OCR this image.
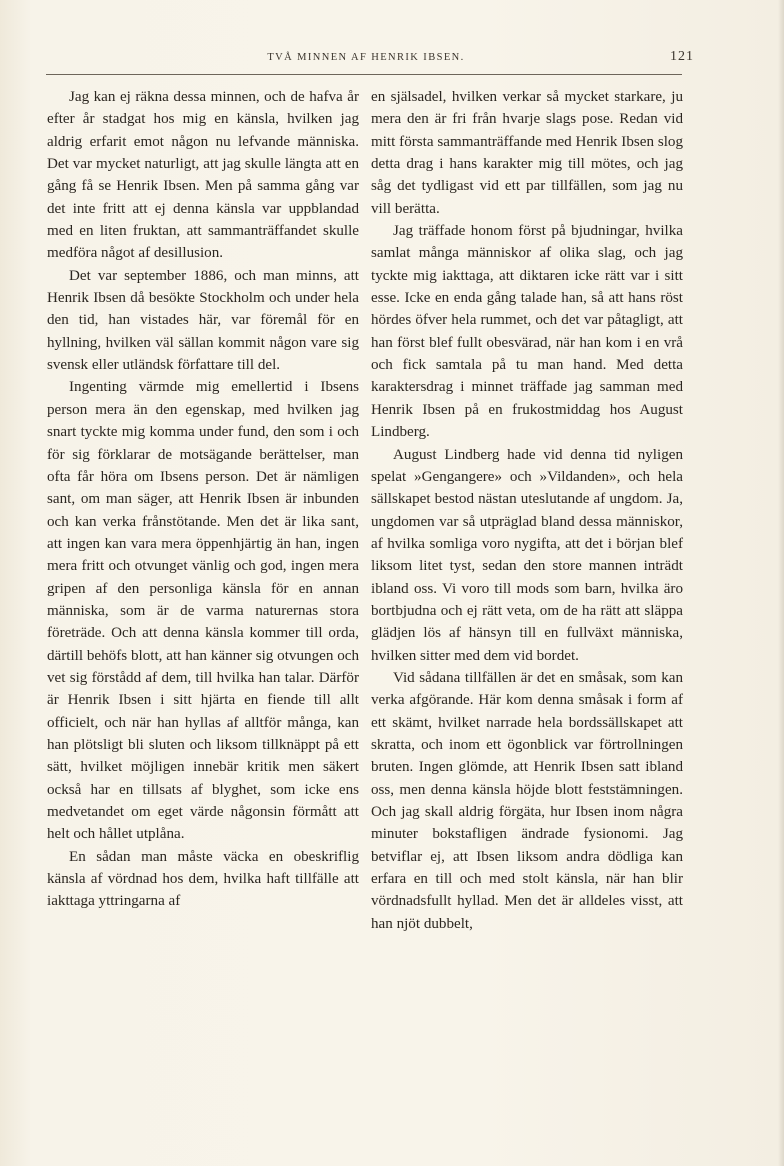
TVÅ MINNEN AF HENRIK IBSEN.	121

Jag kan ej räkna dessa minnen, och de hafva år efter år stadgat hos mig en känsla, hvilken jag aldrig erfarit emot någon nu lefvande människa. Det var mycket naturligt, att jag skulle längta att en gång få se Henrik Ibsen. Men på samma gång var det inte fritt att ej denna känsla var uppblandad med en liten fruktan, att sammanträffandet skulle medföra något af desillusion.

Det var september 1886, och man minns, att Henrik Ibsen då besökte Stockholm och under hela den tid, han vistades här, var föremål för en hyllning, hvilken väl sällan kommit någon vare sig svensk eller utländsk författare till del.

Ingenting värmde mig emellertid i Ibsens person mera än den egenskap, med hvilken jag snart tyckte mig komma under fund, den som i och för sig förklarar de motsägande berättelser, man ofta får höra om Ibsens person. Det är nämligen sant, om man säger, att Henrik Ibsen är inbunden och kan verka frånstötande. Men det är lika sant, att ingen kan vara mera öppenhjärtig än han, ingen mera fritt och otvunget vänlig och god, ingen mera gripen af den personliga känsla för en annan människa, som är de varma naturernas stora företräde. Och att denna känsla kommer till orda, därtill behöfs blott, att han känner sig otvungen och vet sig förstådd af dem, till hvilka han talar. Därför är Henrik Ibsen i sitt hjärta en fiende till allt officielt, och när han hyllas af alltför många, kan han plötsligt bli sluten och liksom tillknäppt på ett sätt, hvilket möjligen innebär kritik men säkert också har en tillsats af blyghet, som icke ens medvetandet om eget värde någonsin förmått att helt och hållet utplåna.

En sådan man måste väcka en obeskriflig känsla af vördnad hos dem, hvilka haft tillfälle att iakttaga yttringarna af

en själsadel, hvilken verkar så mycket starkare, ju mera den är fri från hvarje slags pose. Redan vid mitt första sammanträffande med Henrik Ibsen slog detta drag i hans karakter mig till mötes, och jag såg det tydligast vid ett par tillfällen, som jag nu vill berätta.

Jag träffade honom först på bjudningar, hvilka samlat många människor af olika slag, och jag tyckte mig iakttaga, att diktaren icke rätt var i sitt esse. Icke en enda gång talade han, så att hans röst hördes öfver hela rummet, och det var påtagligt, att han först blef fullt obesvärad, när han kom i en vrå och fick samtala på tu man hand. Med detta karaktersdrag i minnet träffade jag samman med Henrik Ibsen på en frukostmiddag hos August Lindberg.

August Lindberg hade vid denna tid nyligen spelat »Gengangere» och »Vildanden», och hela sällskapet bestod nästan uteslutande af ungdom. Ja, ungdomen var så utpräglad bland dessa människor, af hvilka somliga voro nygifta, att det i början blef liksom litet tyst, sedan den store mannen inträdt ibland oss. Vi voro till mods som barn, hvilka äro bortbjudna och ej rätt veta, om de ha rätt att släppa glädjen lös af hänsyn till en fullväxt människa, hvilken sitter med dem vid bordet.

Vid sådana tillfällen är det en småsak, som kan verka afgörande. Här kom denna småsak i form af ett skämt, hvilket narrade hela bordssällskapet att skratta, och inom ett ögonblick var förtrollningen bruten. Ingen glömde, att Henrik Ibsen satt ibland oss, men denna känsla höjde blott feststämningen. Och jag skall aldrig förgäta, hur Ibsen inom några minuter bokstafligen ändrade fysionomi. Jag betviflar ej, att Ibsen liksom andra dödliga kan erfara en till och med stolt känsla, när han blir vördnadsfullt hyllad. Men det är alldeles visst, att han njöt dubbelt,
